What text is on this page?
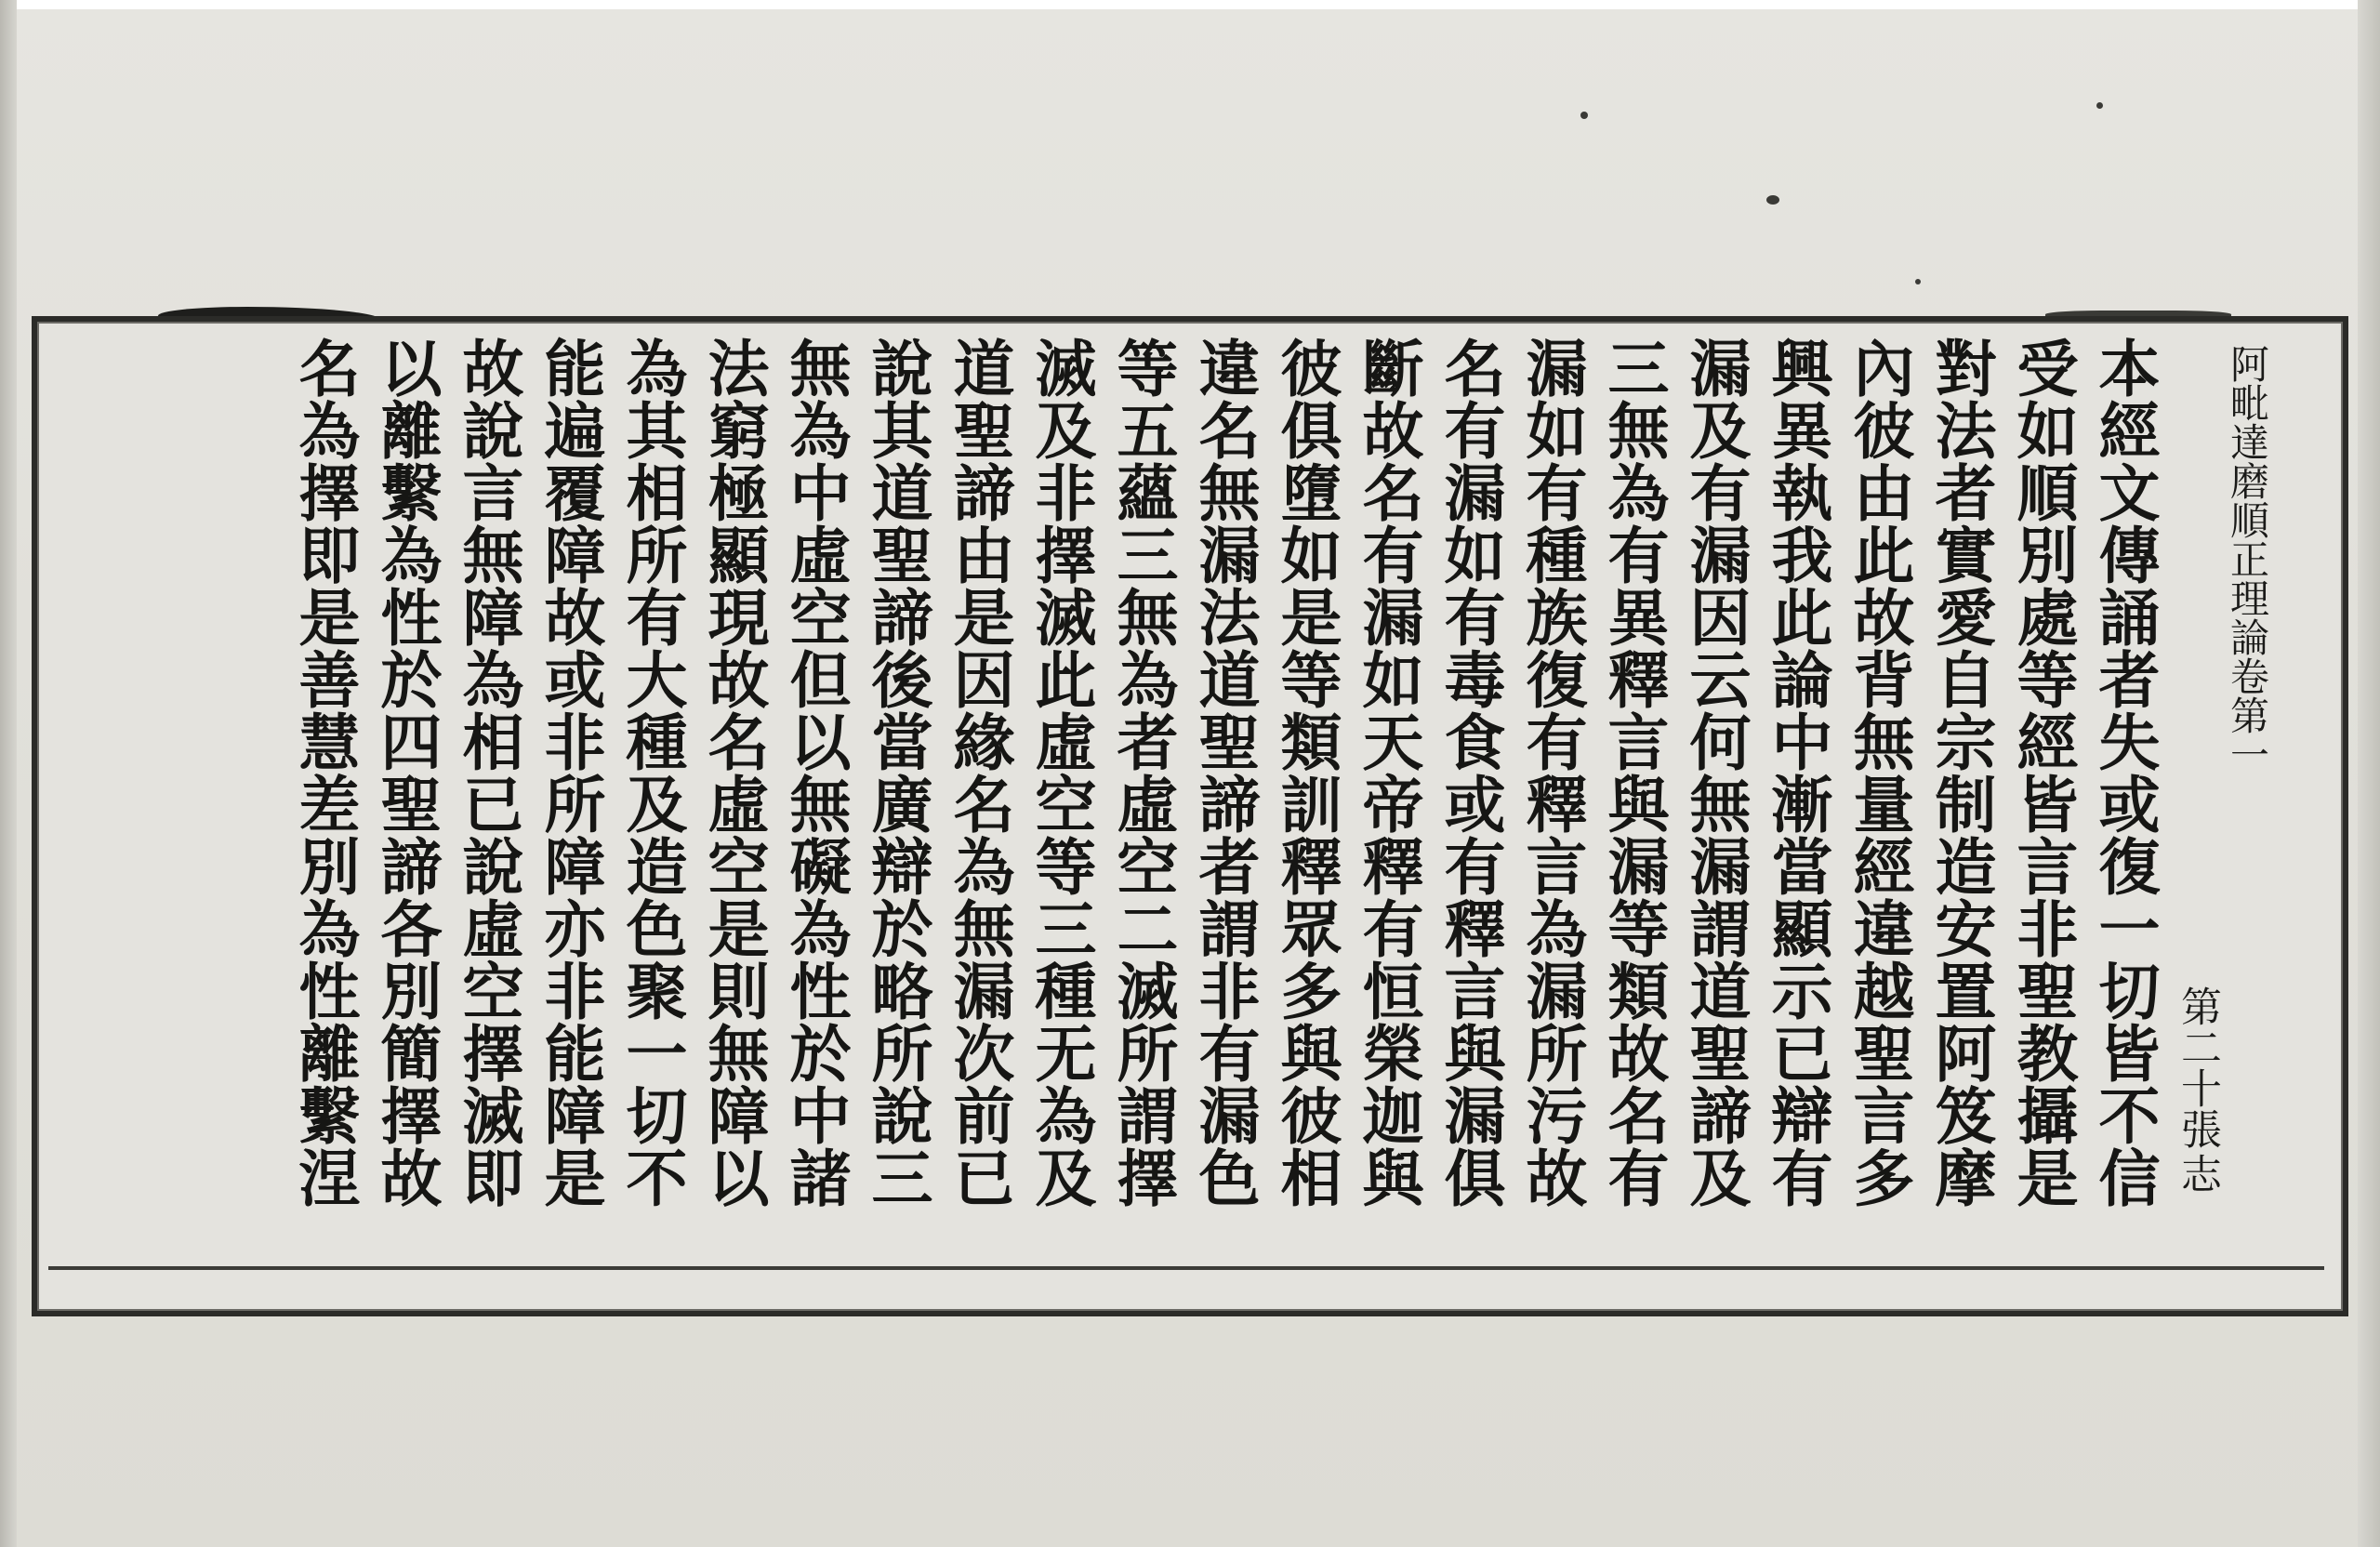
阿毗達磨順正理論卷第一
第二十張
志
本經文傳誦者失或復一切皆不信
受如順別處等經皆言非聖教攝是
對法者實愛自宗制造安置阿笈摩
內彼由此故背無量經違越聖言多
興異執我此論中漸當顯示已辯有
漏及有漏因云何無漏謂道聖諦及
三無為有異釋言與漏等類故名有
漏如有種族復有釋言為漏所污故
名有漏如有毒食或有釋言與漏俱
斷故名有漏如天帝釋有恒榮迦與
彼俱墮如是等類訓釋眾多與彼相
違名無漏法道聖諦者謂非有漏色
等五蘊三無為者虛空二滅所謂擇
滅及非擇滅此虛空等三種无為及
道聖諦由是因緣名為無漏次前已
說其道聖諦後當廣辯於略所說三
無為中虛空但以無礙為性於中諸
法窮極顯現故名虛空是則無障以
為其相所有大種及造色聚一切不
能遍覆障故或非所障亦非能障是
故說言無障為相已說虛空擇滅即
以離繫為性於四聖諦各別簡擇故
名為擇即是善慧差別為性離繫涅
